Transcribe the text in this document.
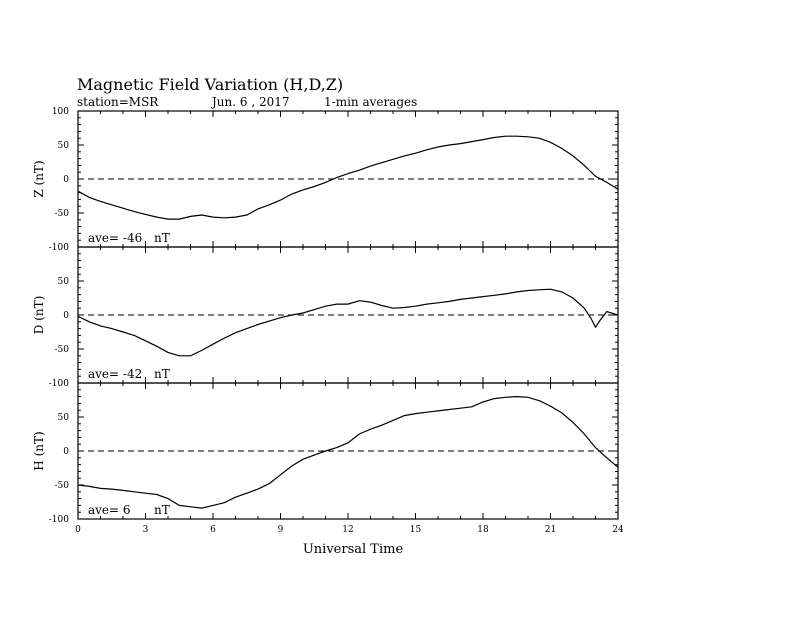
Magnetic Field Variation (H,D,Z)
station=MSR	Jun. 6 , 2017	1-min averages
100
50
0
-50
-100
Z (nT)
ave= -46 nT
50
0
-50
-100
D (nT)
ave= -42 nT
50
0
-50
-100
H (nT)
ave= 6 nT
0	3	6	9	12	15	18	21	24
Universal Time
